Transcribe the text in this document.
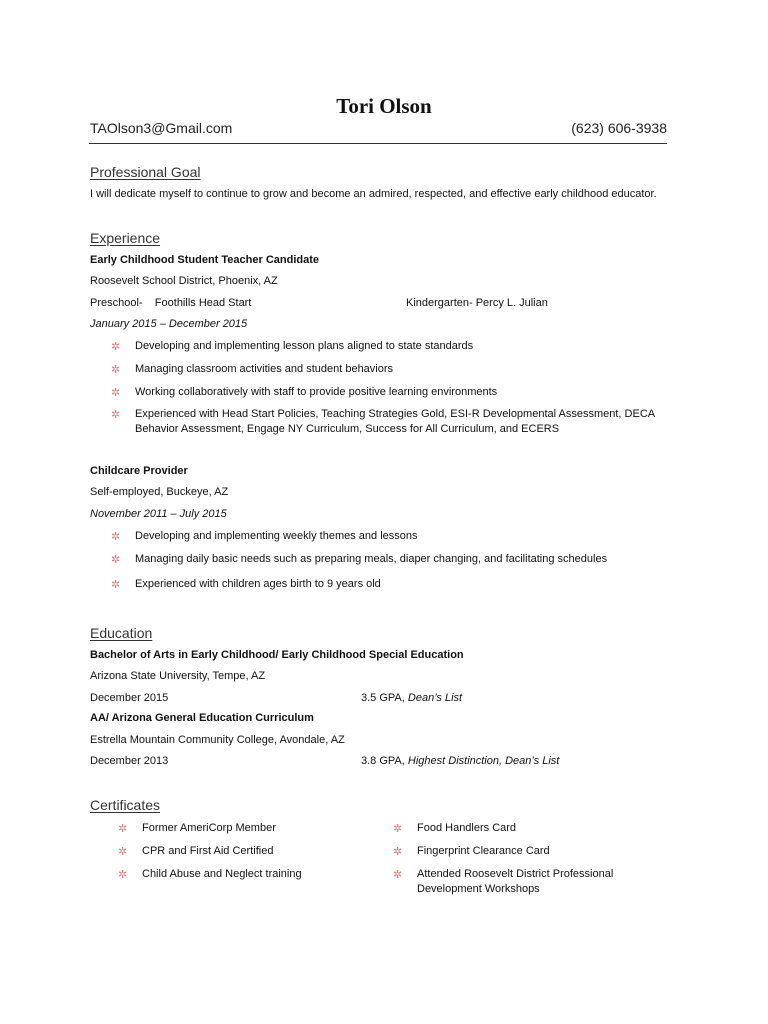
Tori Olson
TAOlson3@Gmail.com	(623) 606-3938
Professional Goal
I will dedicate myself to continue to grow and become an admired, respected, and effective early childhood educator.
Experience
Early Childhood Student Teacher Candidate
Roosevelt School District, Phoenix, AZ
Preschool-    Foothills Head Start	Kindergarten- Percy L. Julian
January 2015 – December 2015
✲ Developing and implementing lesson plans aligned to state standards
✲ Managing classroom activities and student behaviors
✲ Working collaboratively with staff to provide positive learning environments
✲ Experienced with Head Start Policies, Teaching Strategies Gold, ESI-R Developmental Assessment, DECA
Behavior Assessment, Engage NY Curriculum, Success for All Curriculum, and ECERS
Childcare Provider
Self-employed, Buckeye, AZ
November 2011 – July 2015
✲ Developing and implementing weekly themes and lessons
✲ Managing daily basic needs such as preparing meals, diaper changing, and facilitating schedules
✲ Experienced with children ages birth to 9 years old
Education
Bachelor of Arts in Early Childhood/ Early Childhood Special Education
Arizona State University, Tempe, AZ
December 2015	3.5 GPA, Dean’s List
AA/ Arizona General Education Curriculum
Estrella Mountain Community College, Avondale, AZ
December 2013	3.8 GPA, Highest Distinction, Dean’s List
Certificates
✲ Former AmeriCorp Member
✲ CPR and First Aid Certified
✲ Child Abuse and Neglect training
✲ Food Handlers Card
✲ Fingerprint Clearance Card
✲ Attended Roosevelt District Professional
Development Workshops
